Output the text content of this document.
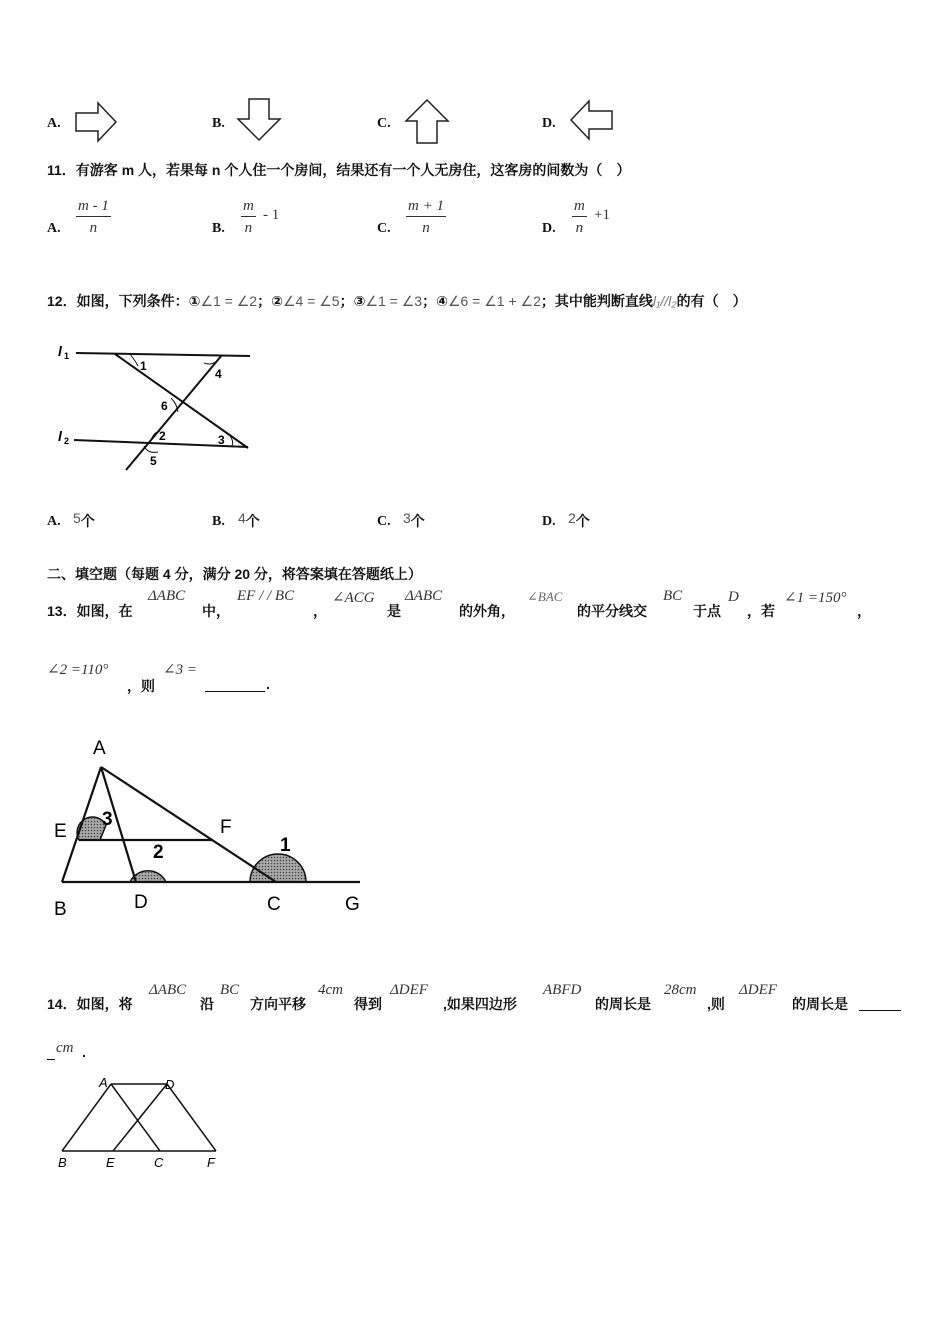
A.	B.	C.	D.
11．有游客 m 人，若果每 n 个人住一个房间，结果还有一个人无房住，这客房的间数为（　）
A. $\frac{m - 1}{n}$	B. $\frac{m}{n} - 1$
C. $\frac{m + 1}{n}$	D. $\frac{m}{n} +1$
12．如图，下列条件：①∠1 = ∠2；②∠4 = ∠5；③∠1 = ∠3；④∠6 = ∠1 + ∠2；其中能判断直线l₁//l₂的有（　）
l 1
l 2
1
4
6
2	3
5
A. 5个	B. 4个	C. 3个	D. 2个
二、填空题（每题 4 分，满分 20 分，将答案填在答题纸上）
13．如图，在
ΔABC
中，
EF / / BC
，
∠ACG
是
ΔABC
的外角，
∠BAC
的平分线交
BC
于点
D
，若
∠1 =150°
，
∠2 =110°
，则
∠3 =
.
A
E	F
B	D	C	G
3
2	1
14．如图，将
ΔABC
沿
BC
方向平移
4cm
得到
ΔDEF
,如果四边形
ABFD
的周长是
28cm
,则
ΔDEF
的周长是
cm .
A	D
B	E	C	F
